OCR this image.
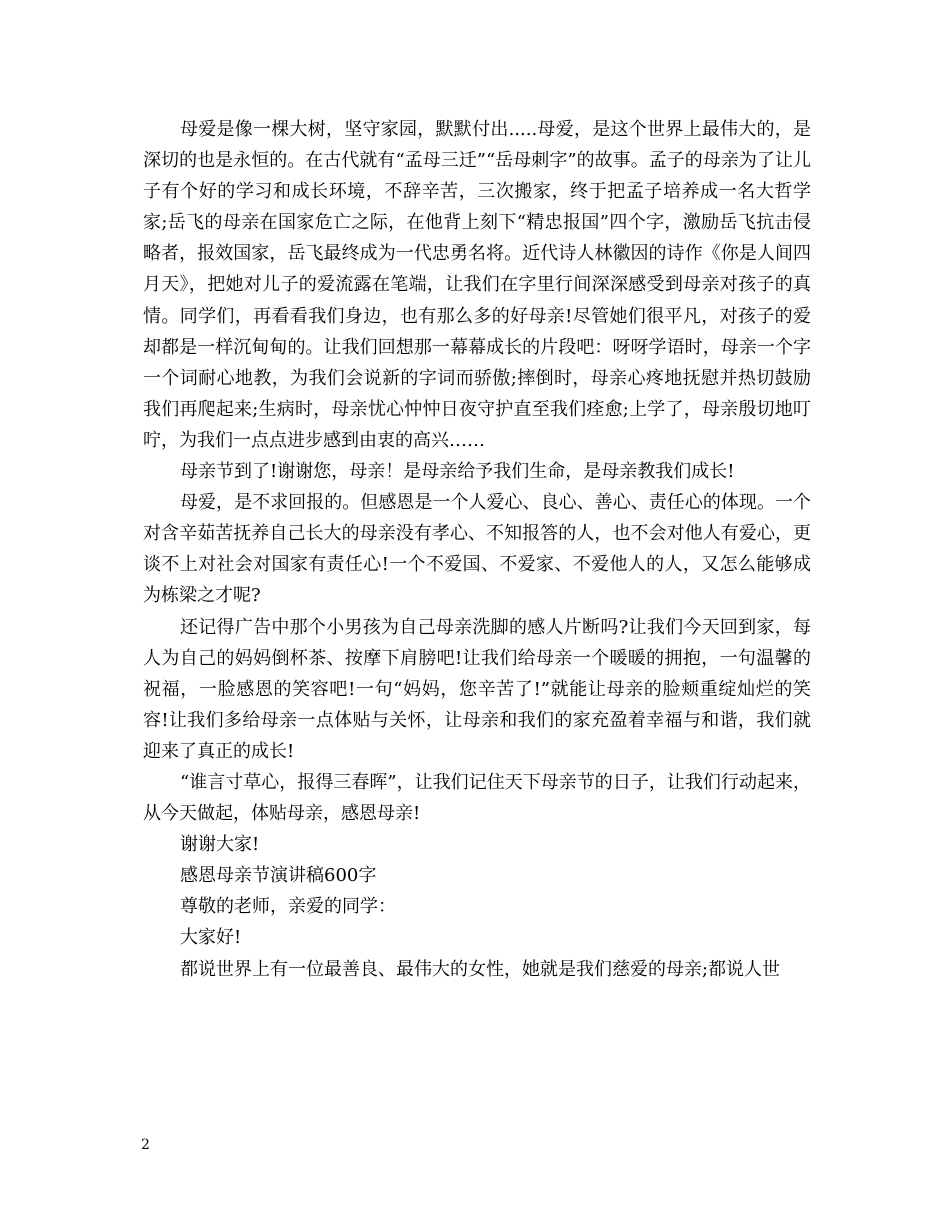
母爱是像一棵大树，坚守家园，默默付出.....母爱，是这个世界上最伟大的，是深切的也是永恒的。在古代就有“孟母三迁”“岳母刺字”的故事。孟子的母亲为了让儿子有个好的学习和成长环境，不辞辛苦，三次搬家，终于把孟子培养成一名大哲学家;岳飞的母亲在国家危亡之际，在他背上刻下“精忠报国”四个字，激励岳飞抗击侵略者，报效国家，岳飞最终成为一代忠勇名将。近代诗人林徽因的诗作《你是人间四月天》，把她对儿子的爱流露在笔端，让我们在字里行间深深感受到母亲对孩子的真情。同学们，再看看我们身边，也有那么多的好母亲!尽管她们很平凡，对孩子的爱却都是一样沉甸甸的。让我们回想那一幕幕成长的片段吧：呀呀学语时，母亲一个字一个词耐心地教，为我们会说新的字词而骄傲;摔倒时，母亲心疼地抚慰并热切鼓励我们再爬起来;生病时，母亲忧心忡忡日夜守护直至我们痊愈;上学了，母亲殷切地叮咛，为我们一点点进步感到由衷的高兴……

母亲节到了!谢谢您，母亲！是母亲给予我们生命，是母亲教我们成长!

母爱，是不求回报的。但感恩是一个人爱心、良心、善心、责任心的体现。一个对含辛茹苦抚养自己长大的母亲没有孝心、不知报答的人，也不会对他人有爱心，更谈不上对社会对国家有责任心!一个不爱国、不爱家、不爱他人的人，又怎么能够成为栋梁之才呢?

还记得广告中那个小男孩为自己母亲洗脚的感人片断吗?让我们今天回到家，每人为自己的妈妈倒杯茶、按摩下肩膀吧!让我们给母亲一个暖暖的拥抱，一句温馨的祝福，一脸感恩的笑容吧!一句“妈妈，您辛苦了!”就能让母亲的脸颊重绽灿烂的笑容!让我们多给母亲一点体贴与关怀，让母亲和我们的家充盈着幸福与和谐，我们就迎来了真正的成长!

“谁言寸草心，报得三春晖”，让我们记住天下母亲节的日子，让我们行动起来，从今天做起，体贴母亲，感恩母亲!

谢谢大家!

感恩母亲节演讲稿600字

尊敬的老师，亲爱的同学：

大家好!

都说世界上有一位最善良、最伟大的女性，她就是我们慈爱的母亲;都说人世

2
